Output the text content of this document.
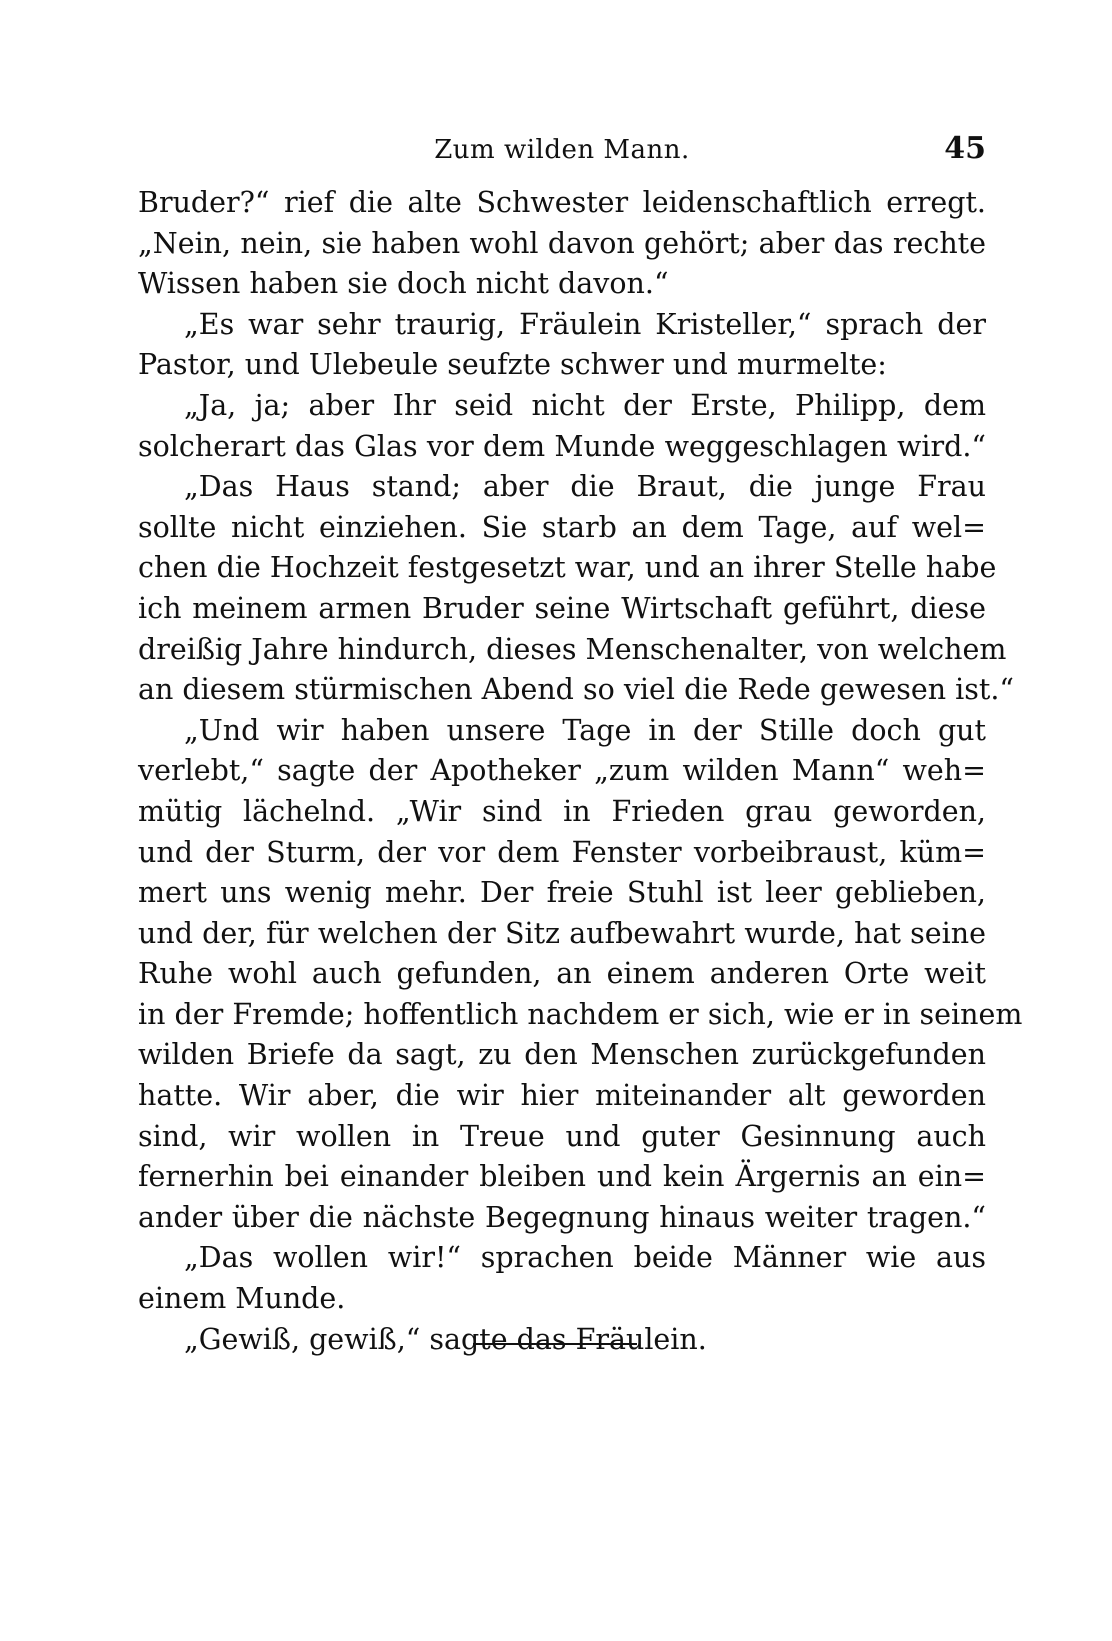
Zum wilden Mann.	45
Bruder?“ rief die alte Schwester leidenschaftlich erregt.
„Nein, nein, sie haben wohl davon gehört; aber das rechte
Wissen haben sie doch nicht davon.“
„Es war sehr traurig, Fräulein Kristeller,“ sprach der
Pastor, und Ulebeule seufzte schwer und murmelte:
„Ja, ja; aber Ihr seid nicht der Erste, Philipp, dem
solcherart das Glas vor dem Munde weggeschlagen wird.“
„Das Haus stand; aber die Braut, die junge Frau
sollte nicht einziehen. Sie starb an dem Tage, auf wel=
chen die Hochzeit festgesetzt war, und an ihrer Stelle habe
ich meinem armen Bruder seine Wirtschaft geführt, diese
dreißig Jahre hindurch, dieses Menschenalter, von welchem
an diesem stürmischen Abend so viel die Rede gewesen ist.“
„Und wir haben unsere Tage in der Stille doch gut
verlebt,“ sagte der Apotheker „zum wilden Mann“ weh=
mütig lächelnd. „Wir sind in Frieden grau geworden,
und der Sturm, der vor dem Fenster vorbeibraust, küm=
mert uns wenig mehr. Der freie Stuhl ist leer geblieben,
und der, für welchen der Sitz aufbewahrt wurde, hat seine
Ruhe wohl auch gefunden, an einem anderen Orte weit
in der Fremde; hoffentlich nachdem er sich, wie er in seinem
wilden Briefe da sagt, zu den Menschen zurückgefunden
hatte. Wir aber, die wir hier miteinander alt geworden
sind, wir wollen in Treue und guter Gesinnung auch
fernerhin bei einander bleiben und kein Ärgernis an ein=
ander über die nächste Begegnung hinaus weiter tragen.“
„Das wollen wir!“ sprachen beide Männer wie aus
einem Munde.
„Gewiß, gewiß,“ sagte das Fräulein.
